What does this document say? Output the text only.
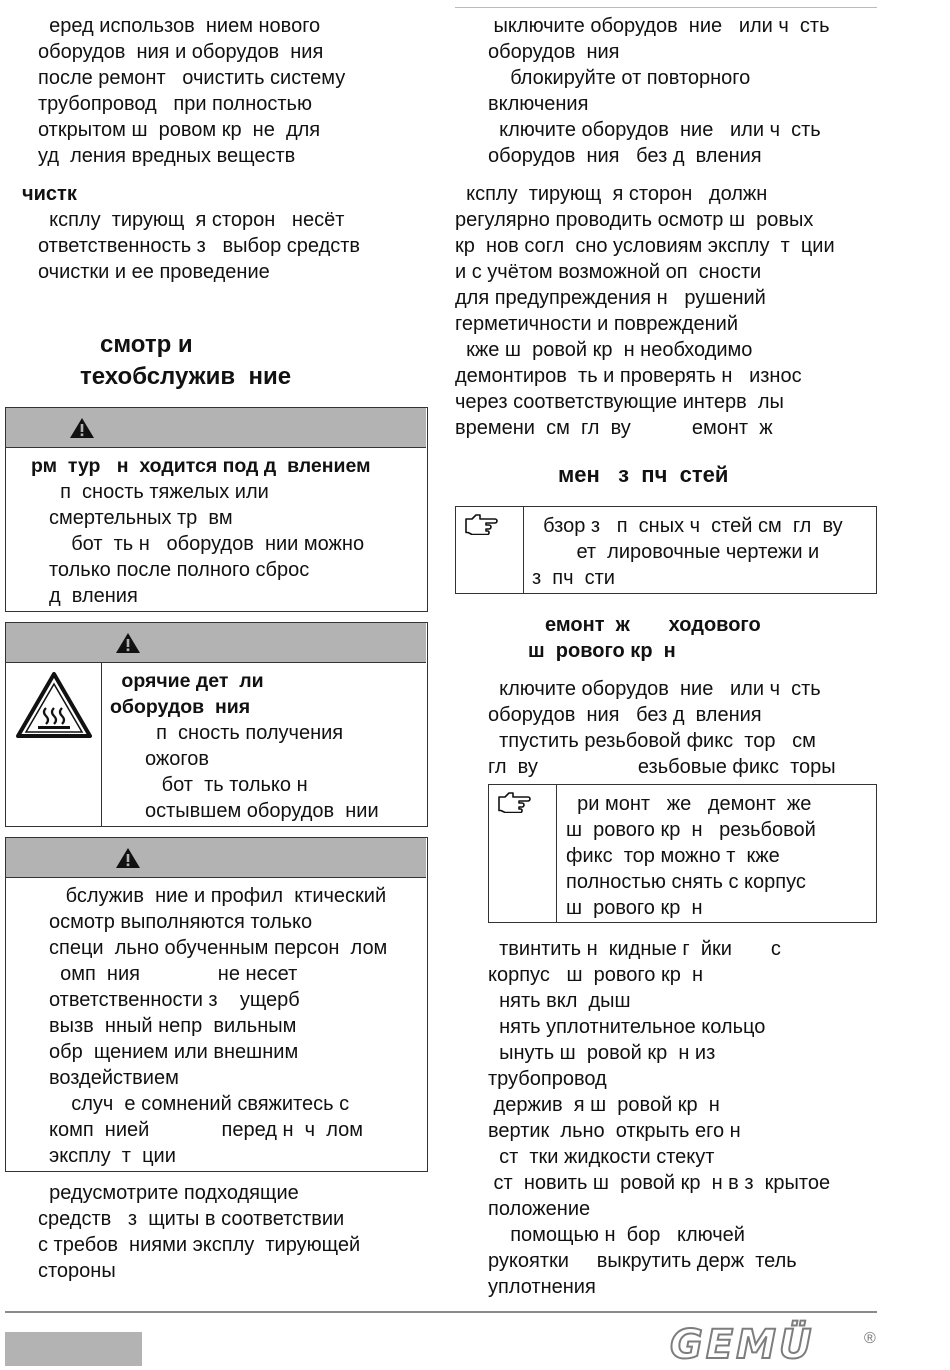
еред использов  нием нового
оборудов  ния и оборудов  ния
после ремонт   очистить систему
трубопровод   при полностью
открытом ш  ровом кр  не  для
уд  ления вредных веществ
чистк
ксплу  тирующ  я сторон   несёт
ответственность з   выбор средств
очистки и ее проведение
смотр и
техобслужив  ние
рм  тур   н  ходится под д  влением
п  сность тяжелых или
смертельных тр  вм
бот  ть н   оборудов  нии можно
только после полного сброс
д  вления
орячие дет  ли
оборудов  ния
п  сность получения
ожогов
бот  ть только н
остывшем оборудов  нии
бслужив  ние и профил  ктический
осмотр выполняются только
специ  льно обученным персон  лом
омп  ния              не несет
ответственности з    ущерб
вызв  нный непр  вильным
обр  щением или внешним
воздействием
случ  е сомнений свяжитесь с
комп  нией             перед н  ч  лом
эксплу  т  ции
редусмотрите подходящие
средств   з  щиты в соответствии
с требов  ниями эксплу  тирующей
стороны
ыключите оборудов  ние   или ч  сть
оборудов  ния
блокируйте от повторного
включения
ключите оборудов  ние   или ч  сть
оборудов  ния   без д  вления
ксплу  тирующ  я сторон   должн
регулярно проводить осмотр ш  ровых
кр  нов согл  сно условиям эксплу  т  ции
и с учётом возможной оп  сности
для предупреждения н   рушений
герметичности и повреждений
кже ш  ровой кр  н необходимо
демонтиров  ть и проверять н   износ
через соответствующие интерв  лы
времени  см  гл  ву           емонт  ж
мен   з  пч  стей
бзор з   п  сных ч  стей см  гл  ву
ет  лировочные чертежи и
з  пч  сти
емонт  ж       ходового
ш  рового кр  н
ключите оборудов  ние   или ч  сть
оборудов  ния   без д  вления
тпустить резьбовой фикс  тор   см
гл  ву                  езьбовые фикс  торы
ри монт   же   демонт  же
ш  рового кр  н   резьбовой
фикс  тор можно т  кже
полностью снять с корпус
ш  рового кр  н
твинтить н  кидные г  йки       с
корпус   ш  рового кр  н
нять вкл  дыш
нять уплотнительное кольцо
ынуть ш  ровой кр  н из
трубопровод
держив  я ш  ровой кр  н
вертик  льно  открыть его н
ст  тки жидкости стекут
ст  новить ш  ровой кр  н в з  крытое
положение
помощью н  бор   ключей
рукоятки     выкрутить держ  тель
уплотнения
GEMÜ	®
